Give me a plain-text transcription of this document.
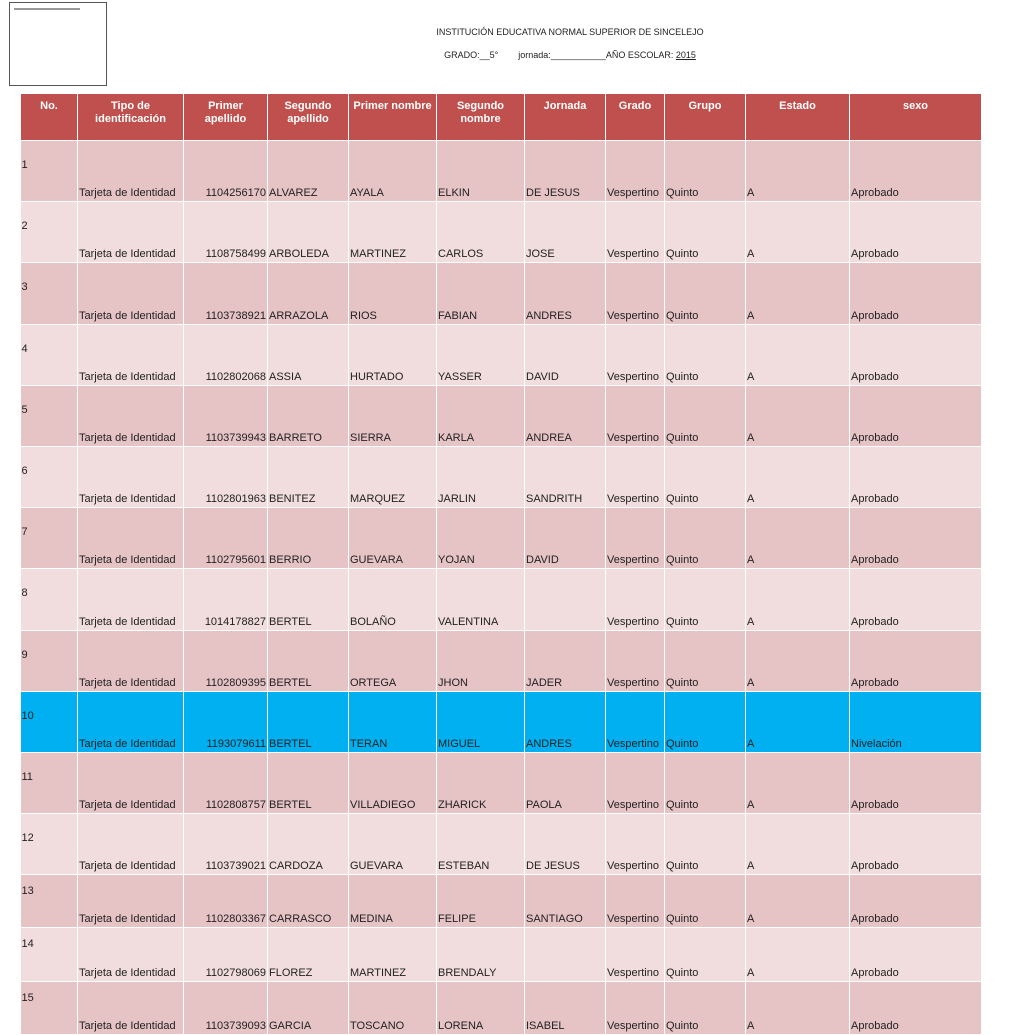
INSTITUCIÓN EDUCATIVA NORMAL SUPERIOR DE SINCELEJO
GRADO:__5° jornada:___________AÑO ESCOLAR: 2015
No.	Tipo de identificación	Primer apellido	Segundo apellido	Primer nombre	Segundo nombre	Jornada	Grado	Grupo	Estado	sexo	
1	Tarjeta de Identidad	1104256170	ALVAREZ	AYALA	ELKIN	DE JESUS	Vespertino	Quinto	A	Aprobado	
2	Tarjeta de Identidad	1108758499	ARBOLEDA	MARTINEZ	CARLOS	JOSE	Vespertino	Quinto	A	Aprobado	
3	Tarjeta de Identidad	1103738921	ARRAZOLA	RIOS	FABIAN	ANDRES	Vespertino	Quinto	A	Aprobado	
4	Tarjeta de Identidad	1102802068	ASSIA	HURTADO	YASSER	DAVID	Vespertino	Quinto	A	Aprobado	
5	Tarjeta de Identidad	1103739943	BARRETO	SIERRA	KARLA	ANDREA	Vespertino	Quinto	A	Aprobado	
6	Tarjeta de Identidad	1102801963	BENITEZ	MARQUEZ	JARLIN	SANDRITH	Vespertino	Quinto	A	Aprobado	
7	Tarjeta de Identidad	1102795601	BERRIO	GUEVARA	YOJAN	DAVID	Vespertino	Quinto	A	Aprobado	
8	Tarjeta de Identidad	1014178827	BERTEL	BOLAÑO	VALENTINA		Vespertino	Quinto	A	Aprobado	
9	Tarjeta de Identidad	1102809395	BERTEL	ORTEGA	JHON	JADER	Vespertino	Quinto	A	Aprobado	
10	Tarjeta de Identidad	1193079611	BERTEL	TERAN	MIGUEL	ANDRES	Vespertino	Quinto	A	Nivelación	
11	Tarjeta de Identidad	1102808757	BERTEL	VILLADIEGO	ZHARICK	PAOLA	Vespertino	Quinto	A	Aprobado	
12	Tarjeta de Identidad	1103739021	CARDOZA	GUEVARA	ESTEBAN	DE JESUS	Vespertino	Quinto	A	Aprobado	
13	Tarjeta de Identidad	1102803367	CARRASCO	MEDINA	FELIPE	SANTIAGO	Vespertino	Quinto	A	Aprobado	
14	Tarjeta de Identidad	1102798069	FLOREZ	MARTINEZ	BRENDALY		Vespertino	Quinto	A	Aprobado	
15	Tarjeta de Identidad	1103739093	GARCIA	TOSCANO	LORENA	ISABEL	Vespertino	Quinto	A	Aprobado	
